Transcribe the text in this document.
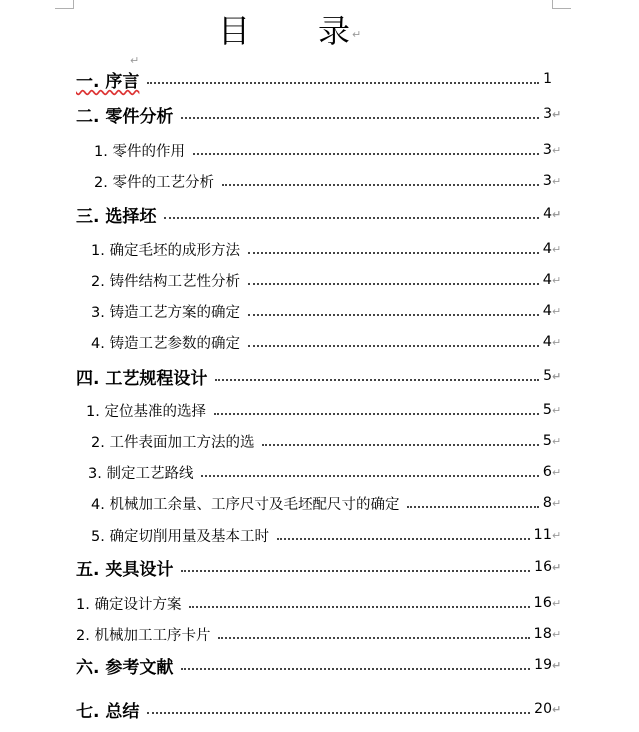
目 录 ↵
↵
一. 序言	1
二. 零件分析	3 ↵
1. 零件的作用	3 ↵
2. 零件的工艺分析	3 ↵
三. 选择坯	4 ↵
1. 确定毛坯的成形方法	4 ↵
2. 铸件结构工艺性分析	4 ↵
3. 铸造工艺方案的确定	4 ↵
4. 铸造工艺参数的确定	4 ↵
四. 工艺规程设计	5 ↵
1. 定位基准的选择	5 ↵
2. 工件表面加工方法的选	5 ↵
3. 制定工艺路线	6 ↵
4. 机械加工余量、工序尺寸及毛坯配尺寸的确定	8 ↵
5. 确定切削用量及基本工时	11 ↵
五. 夹具设计	16 ↵
1. 确定设计方案	16 ↵
2. 机械加工工序卡片	18 ↵
六. 参考文献	19 ↵
七. 总结	20 ↵
